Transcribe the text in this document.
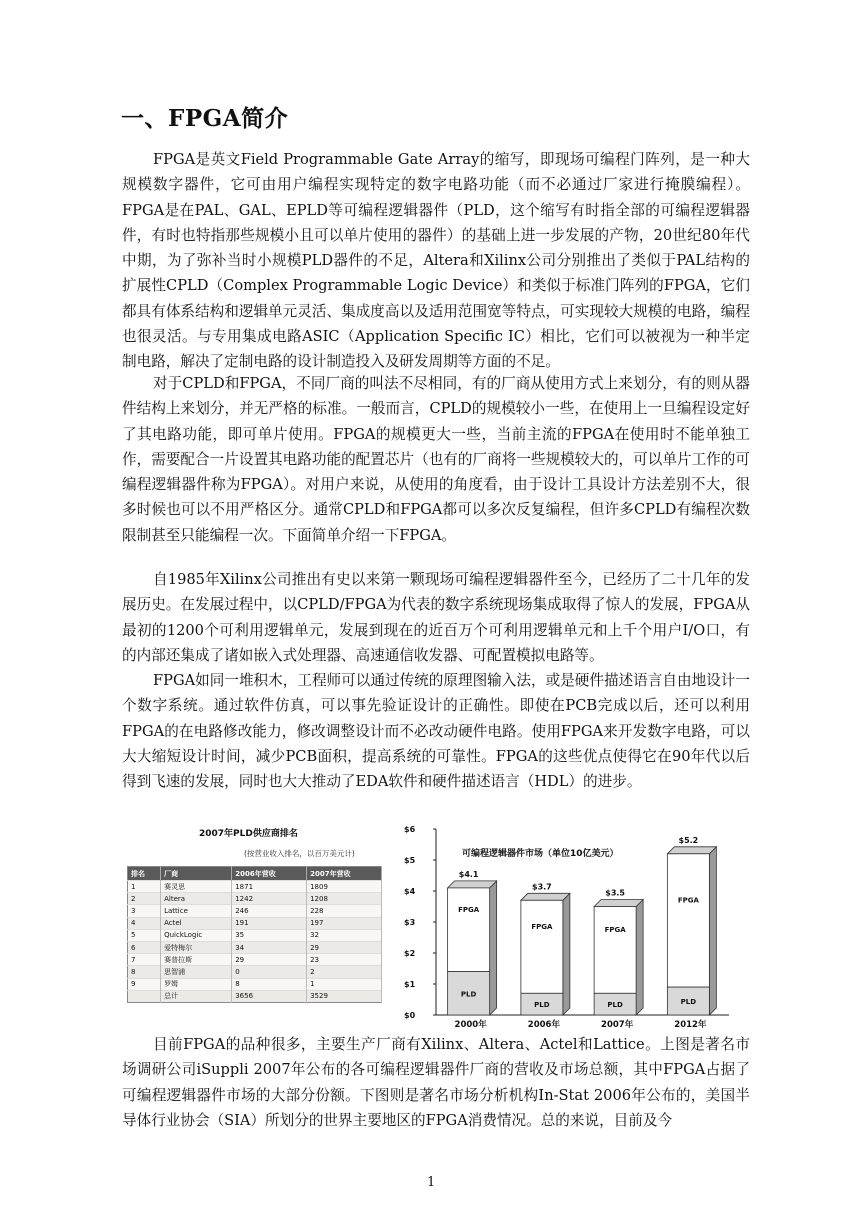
一、FPGA简介

FPGA是英文Field Programmable Gate Array的缩写，即现场可编程门阵列，是一种大规模数字器件，它可由用户编程实现特定的数字电路功能（而不必通过厂家进行掩膜编程）。FPGA是在PAL、GAL、EPLD等可编程逻辑器件（PLD，这个缩写有时指全部的可编程逻辑器件，有时也特指那些规模小且可以单片使用的器件）的基础上进一步发展的产物，20世纪80年代中期，为了弥补当时小规模PLD器件的不足，Altera和Xilinx公司分别推出了类似于PAL结构的扩展性CPLD（Complex Programmable Logic Device）和类似于标准门阵列的FPGA，它们都具有体系结构和逻辑单元灵活、集成度高以及适用范围宽等特点，可实现较大规模的电路，编程也很灵活。与专用集成电路ASIC（Application Specific IC）相比，它们可以被视为一种半定制电路，解决了定制电路的设计制造投入及研发周期等方面的不足。

对于CPLD和FPGA，不同厂商的叫法不尽相同，有的厂商从使用方式上来划分，有的则从器件结构上来划分，并无严格的标准。一般而言，CPLD的规模较小一些，在使用上一旦编程设定好了其电路功能，即可单片使用。FPGA的规模更大一些，当前主流的FPGA在使用时不能单独工作，需要配合一片设置其电路功能的配置芯片（也有的厂商将一些规模较大的，可以单片工作的可编程逻辑器件称为FPGA）。对用户来说，从使用的角度看，由于设计工具设计方法差别不大，很多时候也可以不用严格区分。通常CPLD和FPGA都可以多次反复编程，但许多CPLD有编程次数限制甚至只能编程一次。下面简单介绍一下FPGA。

自1985年Xilinx公司推出有史以来第一颗现场可编程逻辑器件至今，已经历了二十几年的发展历史。在发展过程中，以CPLD/FPGA为代表的数字系统现场集成取得了惊人的发展，FPGA从最初的1200个可利用逻辑单元，发展到现在的近百万个可利用逻辑单元和上千个用户I/O口，有的内部还集成了诸如嵌入式处理器、高速通信收发器、可配置模拟电路等。

FPGA如同一堆积木，工程师可以通过传统的原理图输入法，或是硬件描述语言自由地设计一个数字系统。通过软件仿真，可以事先验证设计的正确性。即使在PCB完成以后，还可以利用FPGA的在电路修改能力，修改调整设计而不必改动硬件电路。使用FPGA来开发数字电路，可以大大缩短设计时间，减少PCB面积，提高系统的可靠性。FPGA的这些优点使得它在90年代以后得到飞速的发展，同时也大大推动了EDA软件和硬件描述语言（HDL）的进步。

2007年PLD供应商排名
(按营业收入排名，以百万美元计)
排名	厂商	2006年营收	2007年营收
1	赛灵思	1871	1809
2	Altera	1242	1208
3	Lattice	246	228
4	Actel	191	197
5	QuickLogic	35	32
6	爱特梅尔	34	29
7	赛普拉斯	29	23
8	思智浦	0	2
9	罗姆	8	1
	总计	3656	3529
可编程逻辑器件市场（单位10亿美元）
$0
$1
$2
$3
$4
$5
$6
FPGA
PLD
$4.1
2000年
FPGA
PLD
$3.7
2006年
FPGA
PLD
$3.5
2007年
FPGA
PLD
$5.2
2012年

目前FPGA的品种很多，主要生产厂商有Xilinx、Altera、Actel和Lattice。上图是著名市场调研公司iSuppli 2007年公布的各可编程逻辑器件厂商的营收及市场总额，其中FPGA占据了可编程逻辑器件市场的大部分份额。下图则是著名市场分析机构In-Stat 2006年公布的，美国半导体行业协会（SIA）所划分的世界主要地区的FPGA消费情况。总的来说，目前及今

1
